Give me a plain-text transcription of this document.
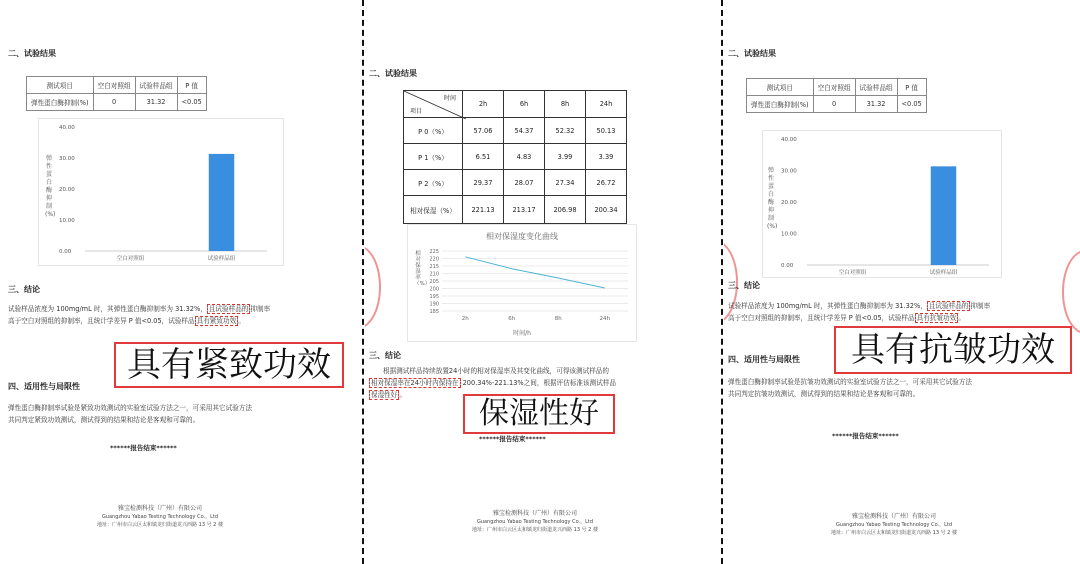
二、试验结果
测试项目	空白对照组	试验样品组	P 值
弹性蛋白酶抑制(%)	0	31.32	<0.05
弹性蛋白酶抑制(%)
0.00
10.00
20.00
30.00
40.00
空白对照组	试验样品组
三、结论
试验样品浓度为 100mg/mL 时，其弹性蛋白酶抑制率为 31.32%， 且试验样品的 抑制率
高于空白对照组的抑制率，且统计学差异 P 值<0.05，试验样品 具有紧致功效 。
具有紧致功效
四、适用性与局限性
弹性蛋白酶抑制率试验是紧致功效测试的实验室试验方法之一，可采用其它试验方法
共同判定紧致功效测试，测试得到的结果和结论是客观和可靠的。
******报告结束******
雅宝检测科技（广州）有限公司
Guangzhou Yabao Testing Technology Co.，Ltd
地址：广州市白云区太和镇龙归街道龙兴西路 13 号 2 楼
二、试验结果
时间
项目	2h	6h	8h	24h
P 0（%）	57.06	54.37	52.32	50.13
P 1（%）	6.51	4.83	3.99	3.39
P 2（%）	29.37	28.07	27.34	26.72
相对保湿（%）	221.13	213.17	206.98	200.34
相对保湿度变化曲线
相对保湿率（%）
时间/h
185
190
195
200
205
210
215
220
225
2h	6h	8h	24h
三、结论
根据测试样品持续放置24小时的相对保湿率及其变化曲线，可得该测试样品的
相对保湿率在24小时内保持在 200.34%-221.13%之间，根据评估标准该测试样品
保湿性好 。
保湿性好
******报告结束******
雅宝检测科技（广州）有限公司
Guangzhou Yabao Testing Technology Co.，Ltd
地址：广州市白云区太和镇龙归街道龙兴西路 13 号 2 楼
二、试验结果
测试项目	空白对照组	试验样品组	P 值
弹性蛋白酶抑制(%)	0	31.32	<0.05
弹性蛋白酶抑制(%)
0.00
10.00
20.00
30.00
40.00
空白对照组	试验样品组
三、结论
试验样品浓度为 100mg/mL 时，其弹性蛋白酶抑制率为 31.32%， 且试验样品的 抑制率
高于空白对照组的抑制率，且统计学差异 P 值<0.05，试验样品 具有抗皱功效 。
四、适用性与局限性	具有抗皱功效
弹性蛋白酶抑制率试验是抗皱功效测试的实验室试验方法之一，可采用其它试验方法
共同判定抗皱功效测试，测试得到的结果和结论是客观和可靠的。
******报告结束******
雅宝检测科技（广州）有限公司
Guangzhou Yabao Testing Technology Co.，Ltd
地址：广州市白云区太和镇龙归街道龙兴西路 13 号 2 楼
